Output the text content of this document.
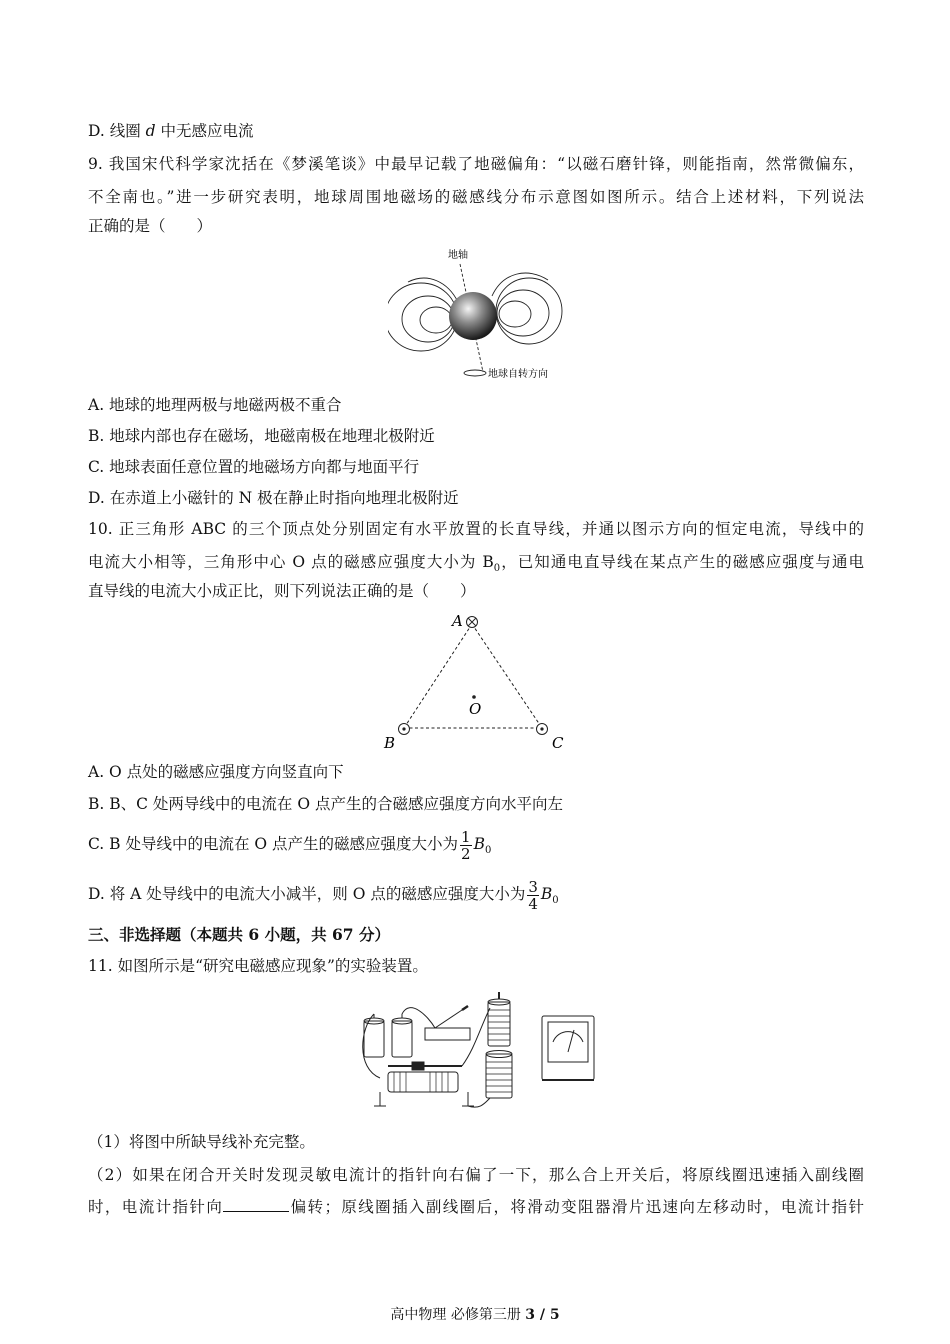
D. 线圈 d 中无感应电流
9. 我国宋代科学家沈括在《梦溪笔谈》中最早记载了地磁偏角：“以磁石磨针锋，则能指南，然常微偏东，
不全南也。”进一步研究表明，地球周围地磁场的磁感线分布示意图如图所示。结合上述材料，下列说法
正确的是（　　）
地轴
地球自转方向
A. 地球的地理两极与地磁两极不重合
B. 地球内部也存在磁场，地磁南极在地理北极附近
C. 地球表面任意位置的地磁场方向都与地面平行
D. 在赤道上小磁针的 N 极在静止时指向地理北极附近
10. 正三角形 ABC 的三个顶点处分别固定有水平放置的长直导线，并通以图示方向的恒定电流，导线中的
电流大小相等，三角形中心 O 点的磁感应强度大小为 $B_0$，已知通电直导线在某点产生的磁感应强度与通电
直导线的电流大小成正比，则下列说法正确的是（　　）
A
O
B	C
A. O 点处的磁感应强度方向竖直向下
B. B、C 处两导线中的电流在 O 点产生的合磁感应强度方向水平向左
C. B 处导线中的电流在 O 点产生的磁感应强度大小为 $\frac{1}{2} B_0$
D. 将 A 处导线中的电流大小减半，则 O 点的磁感应强度大小为 $\frac{3}{4} B_0$
三、非选择题（本题共 6 小题，共 67 分）
11. 如图所示是“研究电磁感应现象”的实验装置。
（1）将图中所缺导线补充完整。
（2）如果在闭合开关时发现灵敏电流计的指针向右偏了一下，那么合上开关后，将原线圈迅速插入副线圈
时，电流计指针向	偏转；原线圈插入副线圈后，将滑动变阻器滑片迅速向左移动时，电流计指针
高中物理 必修第三册 3 / 5
